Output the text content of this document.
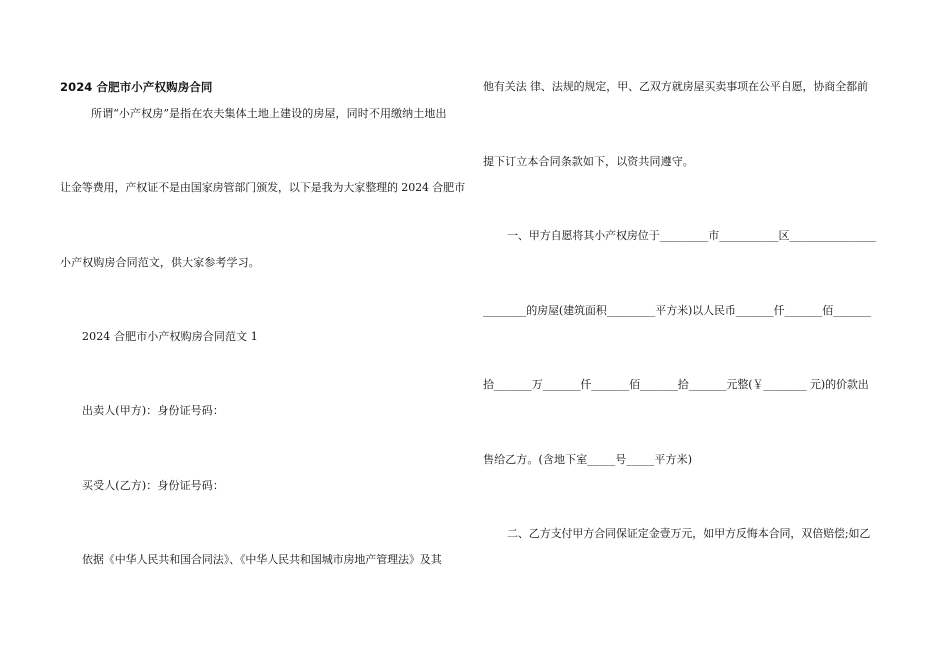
2024 合肥市小产权购房合同
所谓“小产权房”是指在农夫集体土地上建设的房屋，同时不用缴纳土地出
让金等费用，产权证不是由国家房管部门颁发，以下是我为大家整理的 2024 合肥市
小产权购房合同范文，供大家参考学习。
2024 合肥市小产权购房合同范文 1
出卖人(甲方)：身份证号码：
买受人(乙方)：身份证号码：
依据《中华人民共和国合同法》、《中华人民共和国城市房地产管理法》及其
他有关法 律、法规的规定，甲、乙双方就房屋买卖事项在公平自愿，协商全都前
提下订立本合同条款如下，以资共同遵守。
一、甲方自愿将其小产权房位于_________市___________区________________
________的房屋(建筑面积_________平方米)以人民币_______仟_______佰_______
拾_______万_______仟_______佰_______拾_______元整(￥________ 元)的价款出
售给乙方。(含地下室_____号_____平方米)
二、乙方支付甲方合同保证定金壹万元，如甲方反悔本合同，双倍赔偿;如乙
